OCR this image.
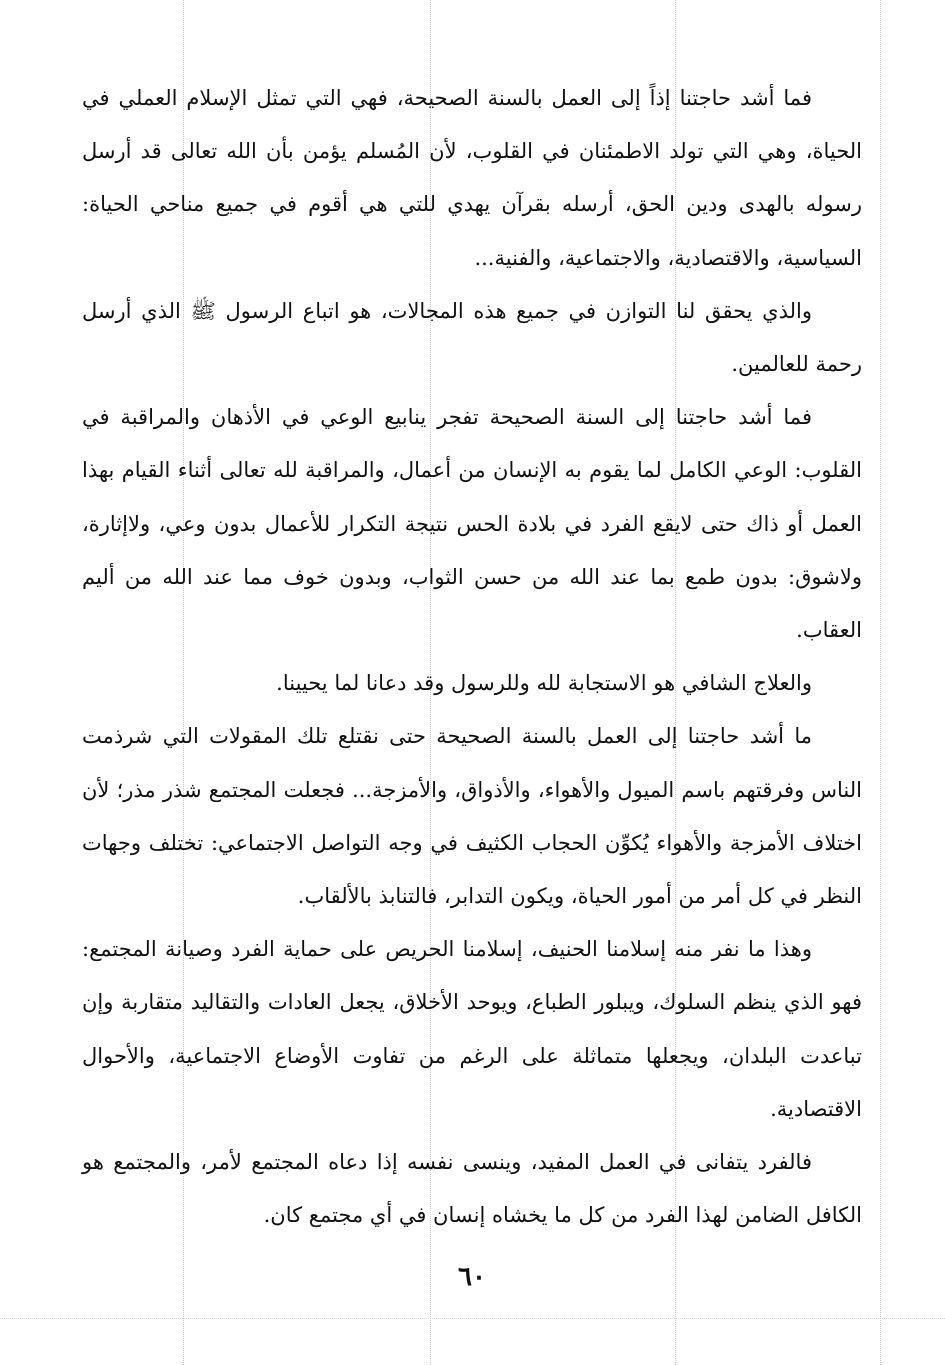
فما أشد حاجتنا إذاً إلى العمل بالسنة الصحيحة، فهي التي تمثل الإسلام العملي في الحياة، وهي التي تولد الاطمئنان في القلوب، لأن المُسلم يؤمن بأن الله تعالى قد أرسل رسوله بالهدى ودين الحق، أرسله بقرآن يهدي للتي هي أقوم في جميع مناحي الحياة: السياسية، والاقتصادية، والاجتماعية، والفنية...

والذي يحقق لنا التوازن في جميع هذه المجالات، هو اتباع الرسول ﷺ الذي أرسل رحمة للعالمين.

فما أشد حاجتنا إلى السنة الصحيحة تفجر ينابيع الوعي في الأذهان والمراقبة في القلوب: الوعي الكامل لما يقوم به الإنسان من أعمال، والمراقبة لله تعالى أثناء القيام بهذا العمل أو ذاك حتى لايقع الفرد في بلادة الحس نتيجة التكرار للأعمال بدون وعي، ولاإثارة، ولاشوق: بدون طمع بما عند الله من حسن الثواب، وبدون خوف مما عند الله من أليم العقاب.

والعلاج الشافي هو الاستجابة لله وللرسول وقد دعانا لما يحيينا.

ما أشد حاجتنا إلى العمل بالسنة الصحيحة حتى نقتلع تلك المقولات التي شرذمت الناس وفرقتهم باسم الميول والأهواء، والأذواق، والأمزجة... فجعلت المجتمع شذر مذر؛ لأن اختلاف الأمزجة والأهواء يُكوِّن الحجاب الكثيف في وجه التواصل الاجتماعي: تختلف وجهات النظر في كل أمر من أمور الحياة، ويكون التدابر، فالتنابذ بالألقاب.

وهذا ما نفر منه إسلامنا الحنيف، إسلامنا الحريص على حماية الفرد وصيانة المجتمع: فهو الذي ينظم السلوك، ويبلور الطباع، ويوحد الأخلاق، يجعل العادات والتقاليد متقاربة وإن تباعدت البلدان، ويجعلها متماثلة على الرغم من تفاوت الأوضاع الاجتماعية، والأحوال الاقتصادية.

فالفرد يتفانى في العمل المفيد، وينسى نفسه إذا دعاه المجتمع لأمر، والمجتمع هو الكافل الضامن لهذا الفرد من كل ما يخشاه إنسان في أي مجتمع كان.

٦٠
